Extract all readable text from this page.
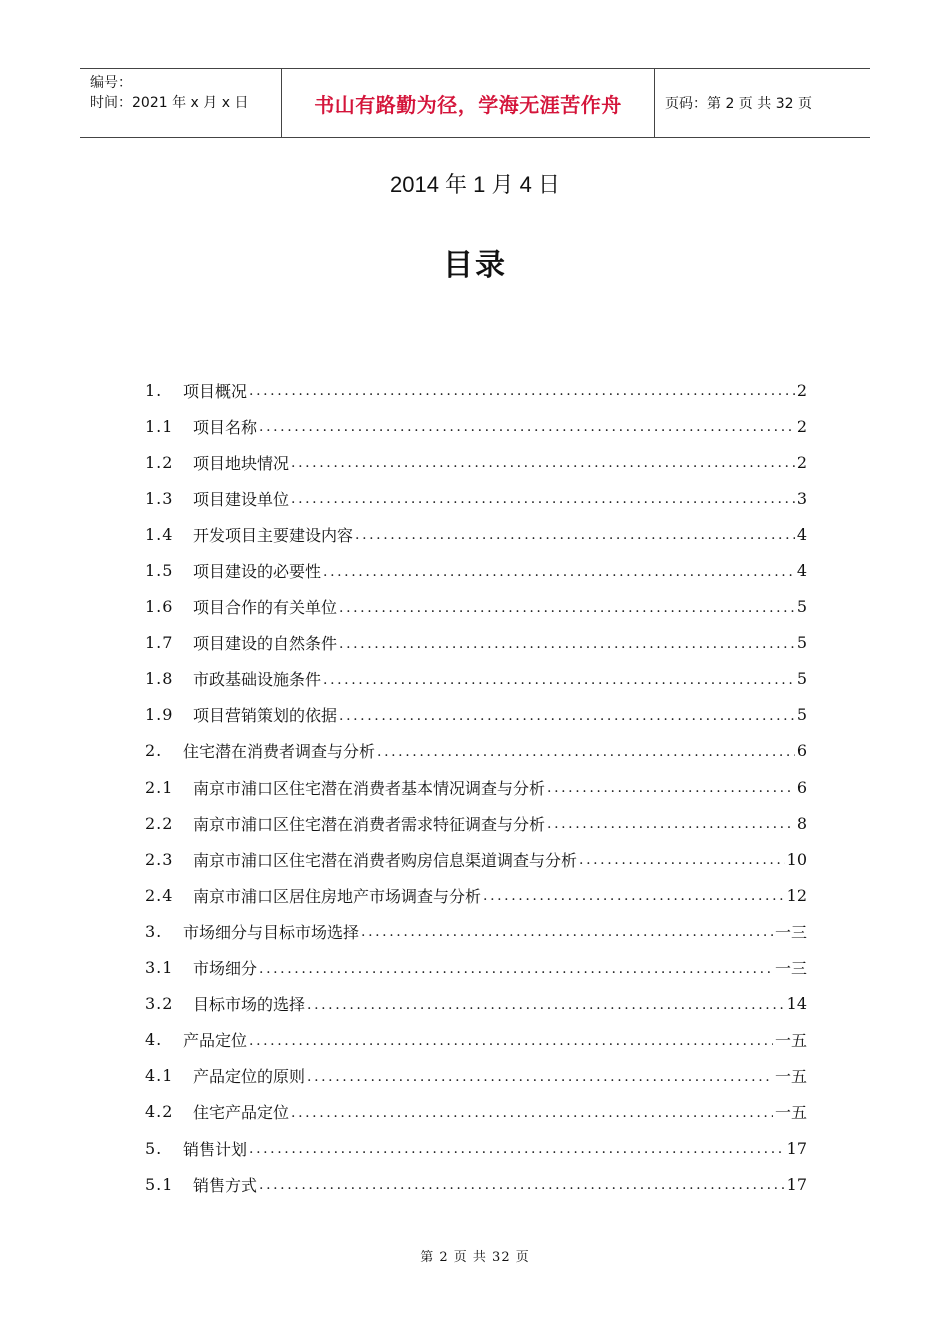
编号：
时间：2021 年 x 月 x 日	书山有路勤为径，学海无涯苦作舟	页码：第 2 页 共 32 页
2014 年 1 月 4 日
目录
1.	项目概况 .....	2
1.1	项目名称 .....	2
1.2	项目地块情况 .....	2
1.3	项目建设单位 .....	3
1.4	开发项目主要建设内容 .....	4
1.5	项目建设的必要性 .....	4
1.6	项目合作的有关单位 .....	5
1.7	项目建设的自然条件 .....	5
1.8	市政基础设施条件 .....	5
1.9	项目营销策划的依据 .....	5
2.	住宅潜在消费者调查与分析 .....	6
2.1	南京市浦口区住宅潜在消费者基本情况调查与分析 .....	6
2.2	南京市浦口区住宅潜在消费者需求特征调查与分析 .....	8
2.3	南京市浦口区住宅潜在消费者购房信息渠道调查与分析 .....	10
2.4	南京市浦口区居住房地产市场调查与分析 .....	12
3.	市场细分与目标市场选择 .....	一三
3.1	市场细分 .....	一三
3.2	目标市场的选择 .....	14
4.	产品定位 .....	一五
4.1	产品定位的原则 .....	一五
4.2	住宅产品定位 .....	一五
5.	销售计划 .....	17
5.1	销售方式 .....	17
第 2 页 共 32 页
